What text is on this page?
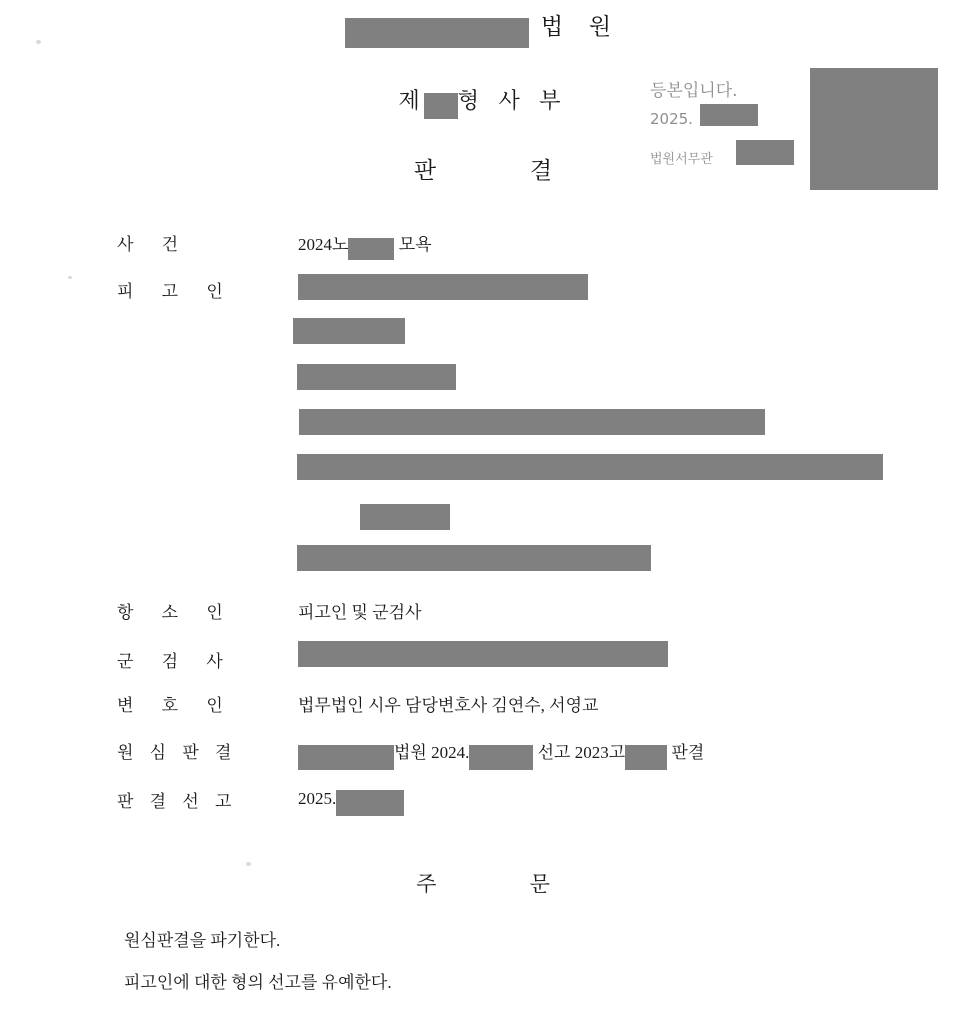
법 원
제 형 사 부
판 결
등본입니다.
2025.
법원서무관
사 건	2024노	모욕
피 고 인
항 소 인	피고인 및 군검사
군 검 사
변 호 인	법무법인 시우 담당변호사 김연수, 서영교
원 심 판 결	법원 2024.	선고 2023고	판결
판 결 선 고	2025.
주 문
원심판결을 파기한다.
피고인에 대한 형의 선고를 유예한다.
